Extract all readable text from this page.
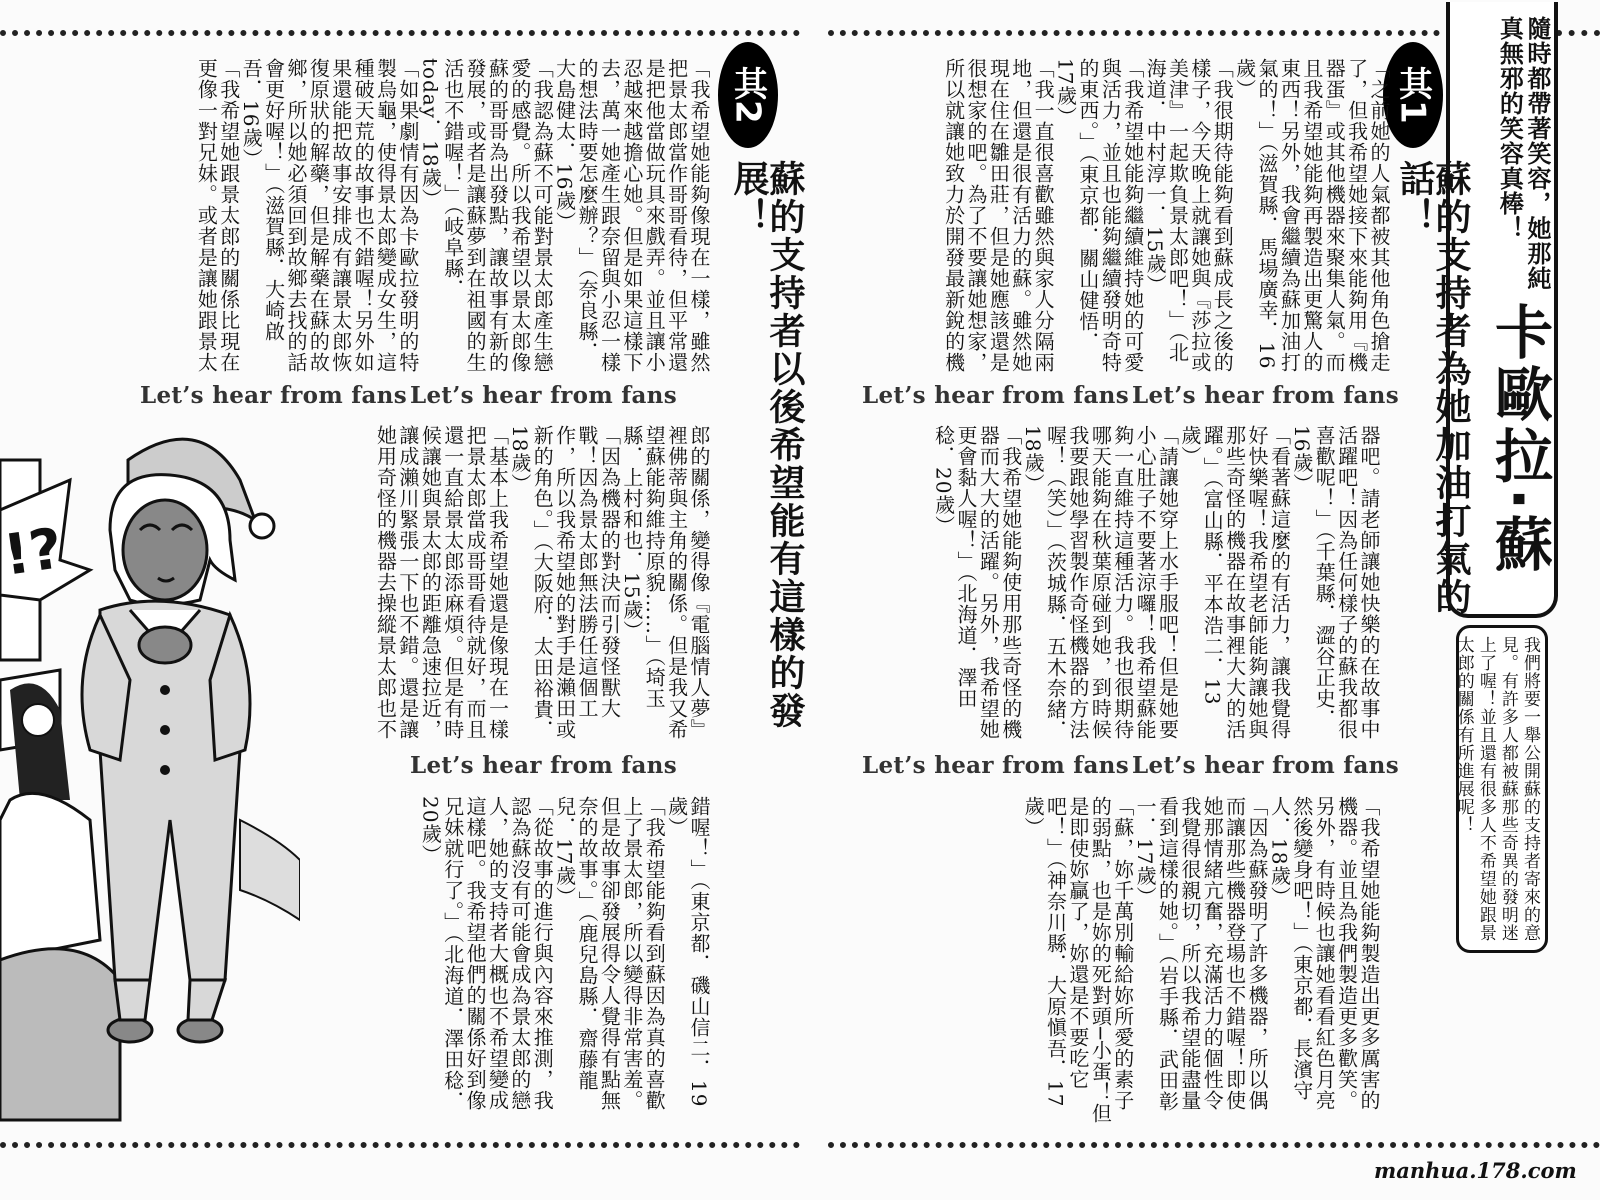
卡歐拉·蘇
隨時都帶著笑容，她那純真無邪的笑容真棒！
我們將要一舉公開蘇的支持者寄來的意見。有許多人都被蘇那些奇異的發明迷上了喔！並且還有很多人不希望她跟景太郎的關係有所進展呢！
其1
蘇的支持者為她加油打氣的話！
「之前她的人氣都被其他角色搶走了，但我希望她接下來能夠用『機器蛋』或其他機器來聚集人氣。而且我希望她能夠再製造出更驚人的東西！另外，我會繼續為蘇加油打氣的！」（滋賀縣．馬場廣幸．16歲）
「我很期待能夠看到蘇成長之後的樣子，今天晚上就讓她與『莎拉或美津』一起欺負景太郎吧！」（北海道．中村淳一．15歲）
「我希望她能夠繼續維持她的可愛與活力，並且也能夠繼續發明奇特的東西。」（東京都．關山健悟．17歲）
「我一直很喜歡雖然與家人分隔兩地，但還是很有活力的蘇。雖然她現在住在雛田莊，但是她應該還是很想家的吧。為了不要讓她想家，所以就讓她致力於開發最新銳的機
Let’s hear from fans Let’s hear from fans
器吧。請老師讓她快樂的在故事中活躍吧！因為任何樣子的蘇我都很喜歡呢！」（千葉縣．澀谷正史．16歲）
「看著蘇這麼的有活力，讓我覺得好快樂喔！我希望老師能夠讓她與那些奇怪的機器在故事裡大大的活躍。」（富山縣．平本浩二．13歲）
「請讓她穿上水手服吧！但是她要小心肚子不要著涼囉！我希望蘇能夠一直維持這種活力。我也很期待哪天能夠在秋葉原碰到她，到時候我要跟她學習製作奇怪機器的方法喔！（笑）」（茨城縣．五木奈緒．18歲）
「我希望她能夠使用那些奇怪的機器而大大的活躍。另外，我希望她更會黏人喔！」（北海道．澤田稔．20歲）
Let’s hear from fans Let’s hear from fans
「我希望她能夠製造出更多厲害的機器。並且為我們製造更多歡笑。另外，有時候也讓她看看紅色月亮然後變身吧！」（東京都．長濱守人．18歲）
「因為蘇發明了許多機器，所以偶而讓那些機器登場也不錯喔！即使她那情緒亢奮，充滿活力的個性令我覺得很親切，所以我希望能盡量看到這樣的她。」（岩手縣．武田彰一．17歲）
「蘇，妳千萬別輸給妳所愛的素子的弱點，也是妳的死對頭─小蛋！但是即使妳贏了，妳還是不要吃它吧！」（神奈川縣．大原愼吾．17歲）
其2
蘇的支持者以後希望能有這樣的發展！
「我希望她能夠像現在一樣，雖然把景太郎當作哥哥看待，但平常還是把他當做玩具來戲弄。並且讓小忍越來越擔心她。但是如果這樣下去，萬一她產生跟奈留與小忍一樣的想法時要怎麼辦？」（奈良縣．大島健太．16歲）
「我認為蘇不可能對景太郎產生戀愛的感覺。所以我希望以景太郎像蘇的哥哥為出發點，讓故事有新的發展，或者是讓蘇夢到在祖國的生活也不錯喔！」（岐阜縣．today．18歲）
「如果劇情有因為卡歐拉發明的特製烏龜，使得景太郎變成女生，這種破天荒的故事也不錯喔！另外如果還能把故事安排成有讓景太郎恢復原狀的解藥，但是解藥在蘇的故鄉，所以她必須回到故鄉去找的話會更好喔！」（滋賀縣．大崎啟吾．16歲）
「我希望她跟景太郎的關係比現在更像一對兄妹。或者是讓她跟景太
Let’s hear from fans Let’s hear from fans
郎的關係，變得像『電腦情人夢』裡佛蒂與主角的關係。但是我又希望蘇能夠維持原貌……」（埼玉縣．上村和也．15歲）
「因為機器的對決而引發怪獸大戰！因為景太郎無法勝任這個工作，所以我希望她的對手是瀨田或新的角色。」（大阪府．太田裕貴．18歲）
「基本上我希望她還是像現在一樣把景太郎當成哥哥看待就好，而且還一直給景太郎添麻煩。但是有時候讓她與景太郎的距離急速拉近，讓成瀨川緊張一下也不錯。還是讓她用奇怪的機器去操縱景太郎也不
Let’s hear from fans
錯喔！」（東京都．磯山信二．19歲）
「我希望能夠看到蘇因為真的喜歡上了景太郎，所以變得非常害羞。但是故事卻發展得令人覺得有點無奈的故事。」（鹿兒島縣．齋藤龍兒．17歲）
「從故事的進行與內容來推測，我認為蘇沒有可能會成為景太郎的戀人，她的支持者大概也不希望變成這樣吧。我希望他們的關係好到像兄妹就行了。」（北海道．澤田稔．20歲）
!?
manhua.178.com
